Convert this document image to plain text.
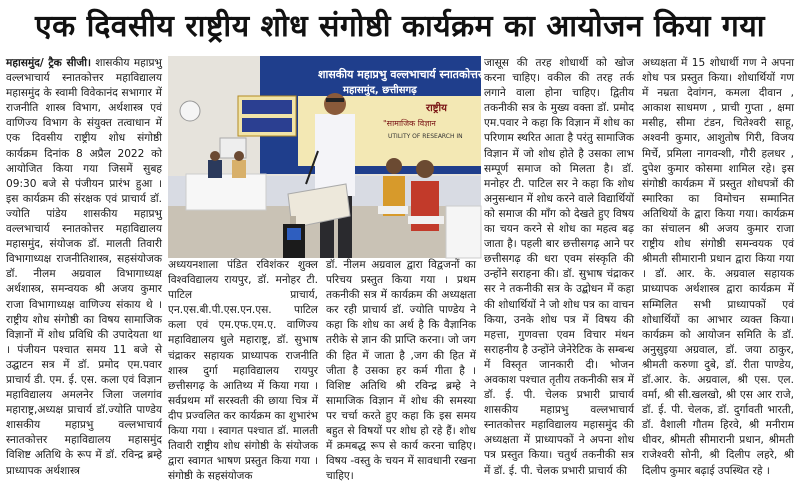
एक दिवसीय राष्ट्रीय शोध संगोष्ठी कार्यक्रम का आयोजन किया गया
महासमुंद/ ट्रैक सीजी। शासकीय महाप्रभु वल्लभाचार्य स्नातकोत्तर महाविद्यालय महासमुंद के स्वामी विवेकानंद सभागार में राजनीति शास्त्र विभाग, अर्थशास्त्र एवं वाणिज्य विभाग के संयुक्त तत्वाधान में एक दिवसीय राष्ट्रीय शोध संगोष्ठी कार्यक्रम दिनांक 8 अप्रैल 2022 को आयोजित किया गया जिसमें सुबह 09:30 बजे से पंजीयन प्रारंभ हुआ । इस कार्यक्रम की संरक्षक एवं प्राचार्य डॉ. ज्योति पांडेय शासकीय महाप्रभु वल्लभाचार्य स्नातकोत्तर महाविद्यालय महासमुंद, संयोजक डॉ. मालती तिवारी विभागाध्यक्ष राजनीतिशास्त्र, सहसंयोजक डॉ. नीलम अग्रवाल विभागाध्यक्ष अर्थशास्त्र, समन्वयक श्री अजय कुमार राजा विभागाध्यक्ष वाणिज्य संकाय थे । राष्ट्रीय शोध संगोष्ठी का विषय सामाजिक विज्ञानों में शोध प्रविधि की उपादेयता था । पंजीयन पश्चात समय 11 बजे से उद्घाटन सत्र में डॉ. प्रमोद एम.पवार प्राचार्य डी. एम. ई. एस. कला एवं विज्ञान महाविद्यालय अमलनेर जिला जलगांव महाराष्ट्र,अध्यक्ष प्राचार्य डॉ.ज्योति पाण्डेय शासकीय महाप्रभु वल्लभाचार्य स्नातकोत्तर महाविद्यालय महासमुंद विशिष्ट अतिथि के रूप में डॉ. रविन्द्र ब्रम्हे प्राध्यापक अर्थशास्त्र
शासकीय महाप्रभु वल्लभाचार्य स्नातकोत्तर महाविद्यालय
महासमुंद, छत्तीसगढ़
राष्ट्रीय
"सामाजिक विज्ञान
UTILITY OF RESEARCH IN
अध्ययनशाला पंडित रविशंकर शुक्ल विश्वविद्यालय रायपुर, डॉ. मनोहर टी. पाटिल प्राचार्य, एन.एस.बी.पी.एस.एन.एस. पाटिल कला एवं एम.एफ.एम.ए. वाणिज्य महाविद्यालय धुले महाराष्ट्र, डॉ. सुभाष चंद्राकर सहायक प्राध्यापक राजनीति शास्त्र दुर्गा महाविद्यालय रायपुर छत्तीसगढ़ के आतिथ्य में किया गया । सर्वप्रथम माँ सरस्वती की छाया चित्र में दीप प्रज्वलित कर कार्यक्रम का शुभारंभ किया गया । स्वागत पश्चात डॉ. मालती तिवारी राष्ट्रीय शोध संगोष्ठी के संयोजक द्वारा स्वागत भाषण प्रस्तुत किया गया । संगोष्ठी के सहसंयोजक
डॉ. नीलम अग्रवाल द्वारा विद्वजनों का परिचय प्रस्तुत किया गया । प्रथम तकनीकी सत्र में कार्यक्रम की अध्यक्षता कर रही प्राचार्य डॉ. ज्योति पाण्डेय ने कहा कि शोध का अर्थ है कि वैज्ञानिक तरीके से ज्ञान की प्राप्ति करना। जो जग की हित में जाता है ,जग की हित में जीता है उसका हर कर्म गीता है । विशिष्ट अतिथि श्री रविन्द्र ब्रम्हे ने सामाजिक विज्ञान में शोध की समस्या पर चर्चा करते हुए कहा कि इस समय बहुत से विषयों पर शोध हो रहे हैं। शोध में क्रमबद्ध रूप से कार्य करना चाहिए। विषय -वस्तु के चयन में सावधानी रखना चाहिए।
जासूस की तरह शोधार्थी को खोज करना चाहिए। वकील की तरह तर्क लगाने वाला होना चाहिए। द्वितीय तकनीकी सत्र के मुख्य वक्ता डॉ. प्रमोद एम.पवार ने कहा कि विज्ञान में शोध का परिणाम स्थरित आता है परंतु सामाजिक विज्ञान में जो शोध होते है उसका लाभ सम्पूर्ण समाज को मिलता है। डॉ. मनोहर टी. पाटिल सर ने कहा कि शोध अनुसन्धान में शोध करने वाले विद्यार्थियों को समाज की माँग को देखते हुए विषय का चयन करने से शोध का महत्व बढ़ जाता है। पहली बार छत्तीसगढ़ आने पर छत्तीसगढ़ की धरा एवम संस्कृति की उन्होंने सराहना की। डॉ. सुभाष चंद्राकर सर ने तकनीकी सत्र के उद्बोधन में कहा की शोधार्थियों ने जो शोध पत्र का वाचन किया, उनके शोध पत्र में विषय की महत्ता, गुणवत्ता एवम विचार मंथन सराहनीय है उन्होंने जेनेरेटिक के सम्बन्ध में विस्तृत जानकारी दी। भोजन अवकाश पश्चात तृतीय तकनीकी सत्र में डॉ. ई. पी. चेलक प्रभारी प्राचार्य शासकीय महाप्रभु वल्लभाचार्य स्नातकोत्तर महाविद्यालय महासमुंद की अध्यक्षता में प्राध्यापकों ने अपना शोध पत्र प्रस्तुत किया। चतुर्थ तकनीकी सत्र में डॉ. ई. पी. चेलक प्रभारी प्राचार्य की
अध्यक्षता में 15 शोधार्थी गण ने अपना शोध पत्र प्रस्तुत किया। शोधार्थियों गण में नम्रता देवांगन, कमला दीवान , आकाश साधमण , प्राची गुप्ता , क्षमा मसीह, सीमा टंडन, चितेश्वरी साहू, अश्वनी कुमार, आशुतोष गिरी, विजय मिर्चे, प्रमिला नागवन्शी, गौरी हलधर , दुपेश कुमार कोसमा शामिल रहे। इस संगोष्ठी कार्यक्रम में प्रस्तुत शोधपत्रों की स्मारिका का विमोचन सम्मानित अतिथियों के द्वारा किया गया। कार्यक्रम का संचालन श्री अजय कुमार राजा राष्ट्रीय शोध संगोष्ठी समन्वयक एवं श्रीमती सीमारानी प्रधान द्वारा किया गया । डॉ. आर. के. अग्रवाल सहायक प्राध्यापक अर्थशास्त्र द्वारा कार्यक्रम में सम्मिलित सभी प्राध्यापकों एवं शोधार्थियों का आभार व्यक्त किया। कार्यक्रम को आयोजन समिति के डॉ. अनुसुइया अग्रवाल, डॉ. जया ठाकुर, श्रीमती करुणा दुबे, डॉ. रीता पाण्डेय, डॉ.आर. के. अग्रवाल, श्री एस. एल. वर्मा, श्री सी.खलखो, श्री एस आर राजे, डॉ. ई. पी. चेलक, डॉ. दुर्गावती भारती, डॉ. वैशाली गौतम हिरवे, श्री मनीराम धीवर, श्रीमती सीमारानी प्रधान, श्रीमती राजेश्वरी सोनी, श्री दिलीप लहरे, श्री दिलीप कुमार बढ़ाई उपस्थित रहे ।
